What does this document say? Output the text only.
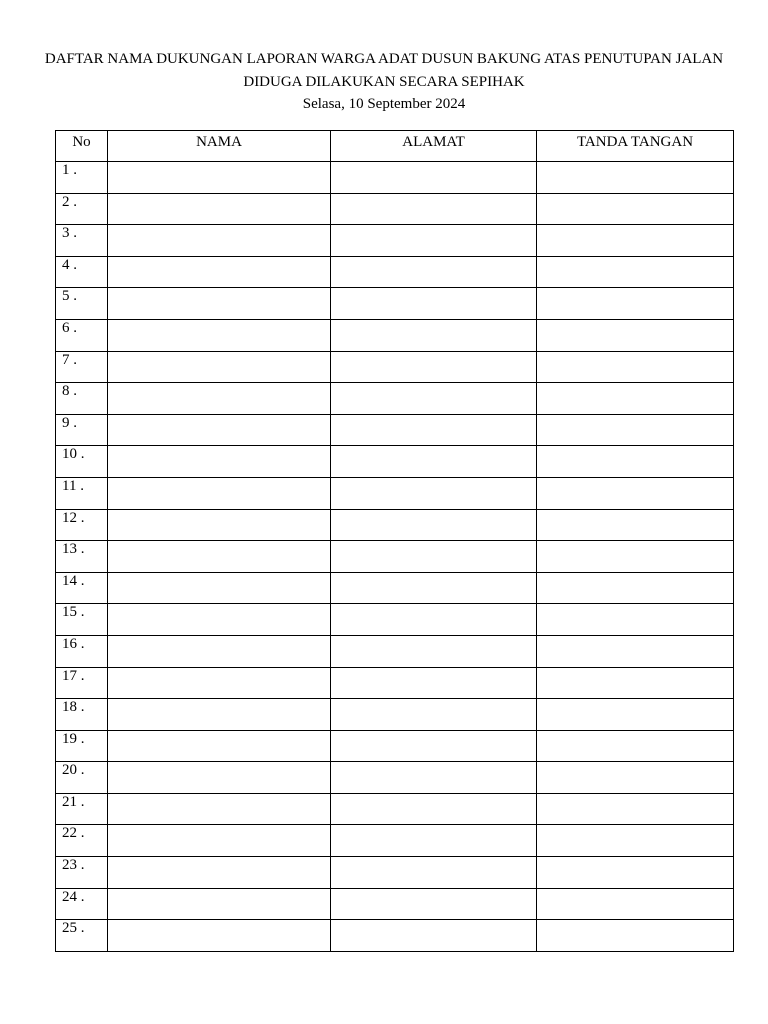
DAFTAR NAMA DUKUNGAN LAPORAN WARGA ADAT DUSUN BAKUNG ATAS PENUTUPAN JALAN
DIDUGA DILAKUKAN SECARA SEPIHAK
Selasa, 10 September 2024
No	NAMA	ALAMAT	TANDA TANGAN
1 .			
2 .			
3 .			
4 .			
5 .			
6 .			
7 .			
8 .			
9 .			
10 .			
11 .			
12 .			
13 .			
14 .			
15 .			
16 .			
17 .			
18 .			
19 .			
20 .			
21 .			
22 .			
23 .			
24 .			
25 .			
